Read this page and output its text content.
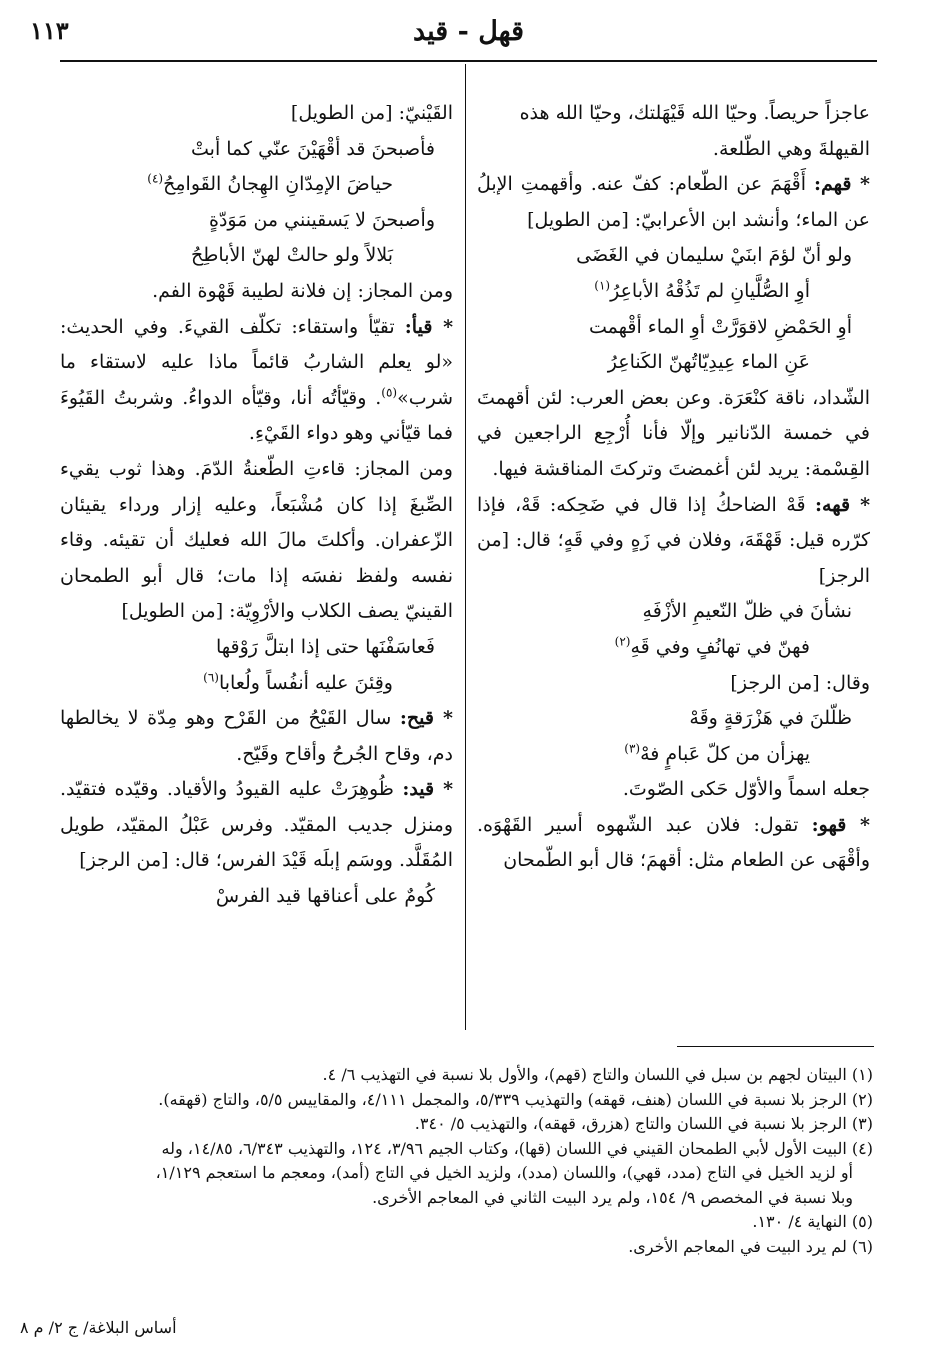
١١٣	قهل - قيد

عاجزاً حريصاً. وحيّا الله قَيْهَلتك، وحيّا الله هذه

القيهلةَ وهي الطّلعة.

* قهم: أَقْهَمَ عن الطّعام: كفّ عنه. وأقهمتِ الإبلُ عن الماء؛ وأنشد ابن الأعرابيّ: [من الطويل]

ولو أنّ لؤمَ ابنَيْ سليمان في الغَضَى

أوِ الصُّلَّيانِ لم تَذُقْهُ الأباعِرُ$^{(١)}$

أوِ الحَمْضِ لاقوَرَّتْ أوِ الماء أقْهمت

عَنِ الماء عِيدِيّاتُهنّ الكَناعِرُ

الشّداد، ناقة كنْعَرَة. وعن بعض العرب: لئن أقهمتَ في خمسة الدّنانير وإلّا فأنا أُرْجِع الراجعين في القِسْمة: يريد لئن أغمضتَ وتركتَ المناقشة فيها.

* قهه: قَهْ الضاحكُ إذا قال في ضَحِكه: قَهْ، فإذا كرّره قيل: قَهْقَهَ، وفلان في زَهٍ وفي قَهٍ؛ قال: [من الرجز]

نشأنَ في ظلّ النّعيمِ الأزْفَهِ

فهنّ في تهانُفٍ وفي قَهِ$^{(٢)}$

وقال: [من الرجز]

ظلّلنَ في هَزْرَقةٍ وقَهْ

يهزأن من كلّ عَبامٍ فهْ$^{(٣)}$

جعله اسماً والأوّل حَكى الصّوتَ.

* قهو: تقول: فلان عبد الشّهوه أسير القَهْوَه. وأقْهَى عن الطعام مثل: أقهمَ؛ قال أبو الطّمحان

القَيْنيّ: [من الطويل]

فأصبحنَ قد أقْهَيْنَ عنّي كما أبتْ

حياضَ الإمِدّانِ الهِجانُ القَوامِحُ$^{(٤)}$

وأصبحنَ لا يَسقينني من مَوَدّةٍ

بَلالاً ولو حالتْ لهنّ الأباطِحُ

ومن المجاز: إن فلانة لطيبة قَهْوة الفم.

* قيأ: تقيّأ واستقاء: تكلّف القيءَ. وفي الحديث: «لو يعلم الشاربُ قائماً ماذا عليه لاستقاء ما شرب»$^{(٥)}$. وقيّأتُه أنا، وقيّأه الدواءُ. وشربتُ القَيُوءَ فما قيّأني وهو دواء القَيْءِ.

ومن المجاز: قاءتِ الطّعنةُ الدّمَ. وهذا ثوب يقيء الصِّبغَ إذا كان مُشْبَعاً، وعليه إزار ورداء يقيئان الزّعفران. وأكلتَ مالَ الله فعليك أن تقيئه. وقاء نفسه ولفظ نفسَه إذا مات؛ قال أبو الطمحان القينيّ يصف الكلاب والأرْوِيّة: [من الطويل]

فَعاسَفْنَها حتى إذا ابتلَّ رَوْقها

وقِئنَ عليه أنفُساً ولُعابا$^{(٦)}$

* قيح: سال القَيْحُ من القَرْح وهو مِدّة لا يخالطها دم، وقاح الجُرحُ وأقاح وقَيّح.

* قيد: ظُوهِرَتْ عليه القيودُ والأقياد. وقيّده فتقيّد. ومنزل جديب المقيّد. وفرس عَبْلُ المقيّد، طويل المُقَلَّد. ووسَم إبلَه قَيْدَ الفرس؛ قال: [من الرجز]

كُومٌ على أعناقها قيد الفرسْ

(١) البيتان لجهم بن سبل في اللسان والتاج (قهم)، والأول بلا نسبة في التهذيب ٦/ ٤.

(٢) الرجز بلا نسبة في اللسان (هنف، قهقه) والتهذيب ٥/٣٣٩، والمجمل ٤/١١١، والمقاييس ٥/٥، والتاج (قهقه).

(٣) الرجز بلا نسبة في اللسان والتاج (هزرق، قهقه)، والتهذيب ٥/ ٣٤٠.

(٤) البيت الأول لأبي الطمحان القيني في اللسان (قها)، وكتاب الجيم ٣/٩٦، ١٢٤، والتهذيب ٦/٣٤٣، ١٤/٨٥، وله

أو لزيد الخيل في التاج (مدد، قهي)، واللسان (مدد)، ولزيد الخيل في التاج (أمد)، ومعجم ما استعجم ١/١٢٩،

وبلا نسبة في المخصص ٩/ ١٥٤، ولم يرد البيت الثاني في المعاجم الأخرى.

(٥) النهاية ٤/ ١٣٠.

(٦) لم يرد البيت في المعاجم الأخرى.

أساس البلاغة/ ج ٢/ م ٨
